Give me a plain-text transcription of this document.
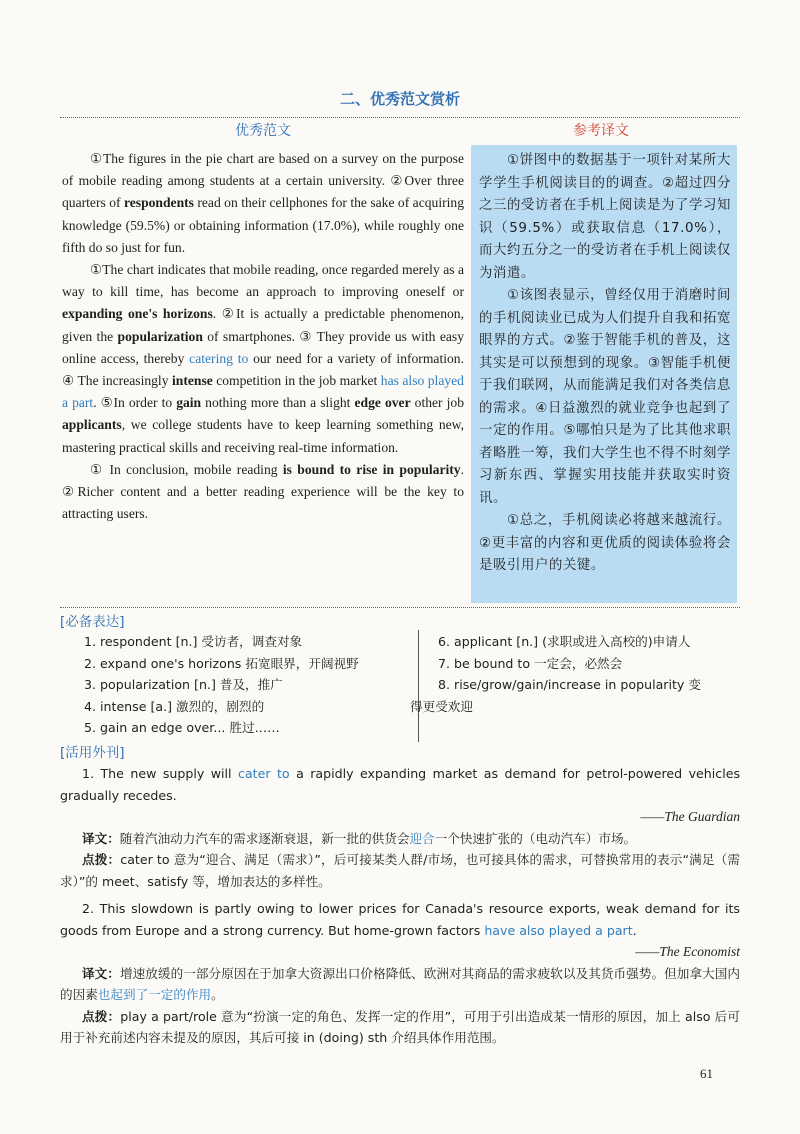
二、优秀范文赏析
优秀范文	参考译文

①The figures in the pie chart are based on a survey on the purpose of mobile reading among students at a certain university. ②Over three quarters of respondents read on their cellphones for the sake of acquiring knowledge (59.5%) or obtaining information (17.0%), while roughly one fifth do so just for fun.

①The chart indicates that mobile reading, once regarded merely as a way to kill time, has become an approach to improving oneself or expanding one's horizons. ②It is actually a predictable phenomenon, given the popularization of smartphones. ③ They provide us with easy online access, thereby catering to our need for a variety of information. ④ The increasingly intense competition in the job market has also played a part. ⑤In order to gain nothing more than a slight edge over other job applicants, we college students have to keep learning something new, mastering practical skills and receiving real-time information.

① In conclusion, mobile reading is bound to rise in popularity. ②Richer content and a better reading experience will be the key to attracting users.

①饼图中的数据基于一项针对某所大学学生手机阅读目的的调查。②超过四分之三的受访者在手机上阅读是为了学习知识（59.5%）或获取信息（17.0%），而大约五分之一的受访者在手机上阅读仅为消遣。

①该图表显示，曾经仅用于消磨时间的手机阅读业已成为人们提升自我和拓宽眼界的方式。②鉴于智能手机的普及，这其实是可以预想到的现象。③智能手机便于我们联网，从而能满足我们对各类信息的需求。④日益激烈的就业竞争也起到了一定的作用。⑤哪怕只是为了比其他求职者略胜一筹，我们大学生也不得不时刻学习新东西、掌握实用技能并获取实时资讯。

①总之，手机阅读必将越来越流行。②更丰富的内容和更优质的阅读体验将会是吸引用户的关键。

[必备表达]
1. respondent [n.] 受访者，调查对象
2. expand one's horizons 拓宽眼界，开阔视野
3. popularization [n.] 普及，推广
4. intense [a.] 激烈的，剧烈的
5. gain an edge over... 胜过……
6. applicant [n.] (求职或进入高校的)申请人
7. be bound to 一定会，必然会
8. rise/grow/gain/increase in popularity 变
得更受欢迎
[活用外刊]

1. The new supply will cater to a rapidly expanding market as demand for petrol-powered vehicles gradually recedes.

——The Guardian

译文：随着汽油动力汽车的需求逐渐衰退，新一批的供货会迎合一个快速扩张的（电动汽车）市场。

点拨：cater to 意为“迎合、满足（需求）”，后可接某类人群/市场，也可接具体的需求，可替换常用的表示“满足（需求）”的 meet、satisfy 等，增加表达的多样性。

2. This slowdown is partly owing to lower prices for Canada's resource exports, weak demand for its goods from Europe and a strong currency. But home-grown factors have also played a part.

——The Economist

译文：增速放缓的一部分原因在于加拿大资源出口价格降低、欧洲对其商品的需求疲软以及其货币强势。但加拿大国内的因素也起到了一定的作用。

点拨：play a part/role 意为“扮演一定的角色、发挥一定的作用”，可用于引出造成某一情形的原因，加上 also 后可用于补充前述内容未提及的原因，其后可接 in (doing) sth 介绍具体作用范围。

61
